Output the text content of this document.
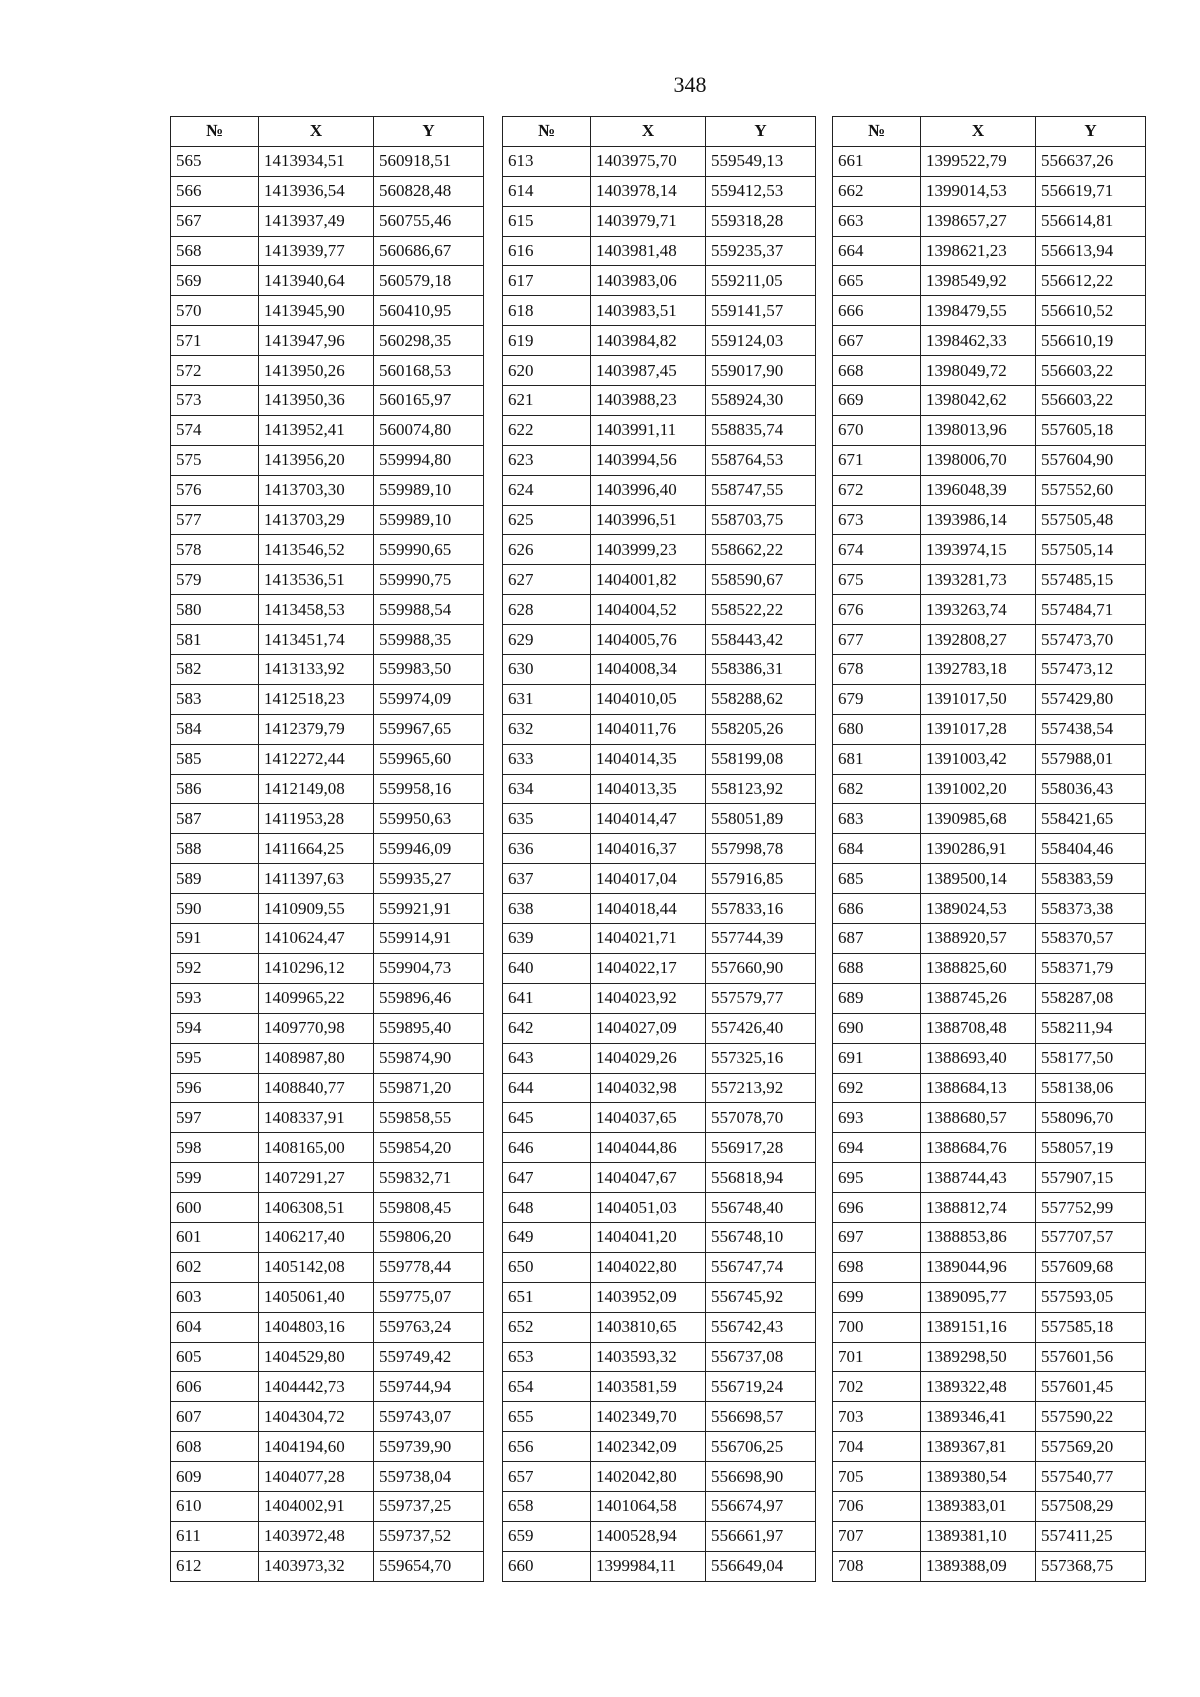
348
№	X	Y
565	1413934,51	560918,51
566	1413936,54	560828,48
567	1413937,49	560755,46
568	1413939,77	560686,67
569	1413940,64	560579,18
570	1413945,90	560410,95
571	1413947,96	560298,35
572	1413950,26	560168,53
573	1413950,36	560165,97
574	1413952,41	560074,80
575	1413956,20	559994,80
576	1413703,30	559989,10
577	1413703,29	559989,10
578	1413546,52	559990,65
579	1413536,51	559990,75
580	1413458,53	559988,54
581	1413451,74	559988,35
582	1413133,92	559983,50
583	1412518,23	559974,09
584	1412379,79	559967,65
585	1412272,44	559965,60
586	1412149,08	559958,16
587	1411953,28	559950,63
588	1411664,25	559946,09
589	1411397,63	559935,27
590	1410909,55	559921,91
591	1410624,47	559914,91
592	1410296,12	559904,73
593	1409965,22	559896,46
594	1409770,98	559895,40
595	1408987,80	559874,90
596	1408840,77	559871,20
597	1408337,91	559858,55
598	1408165,00	559854,20
599	1407291,27	559832,71
600	1406308,51	559808,45
601	1406217,40	559806,20
602	1405142,08	559778,44
603	1405061,40	559775,07
604	1404803,16	559763,24
605	1404529,80	559749,42
606	1404442,73	559744,94
607	1404304,72	559743,07
608	1404194,60	559739,90
609	1404077,28	559738,04
610	1404002,91	559737,25
611	1403972,48	559737,52
612	1403973,32	559654,70
№	X	Y
613	1403975,70	559549,13
614	1403978,14	559412,53
615	1403979,71	559318,28
616	1403981,48	559235,37
617	1403983,06	559211,05
618	1403983,51	559141,57
619	1403984,82	559124,03
620	1403987,45	559017,90
621	1403988,23	558924,30
622	1403991,11	558835,74
623	1403994,56	558764,53
624	1403996,40	558747,55
625	1403996,51	558703,75
626	1403999,23	558662,22
627	1404001,82	558590,67
628	1404004,52	558522,22
629	1404005,76	558443,42
630	1404008,34	558386,31
631	1404010,05	558288,62
632	1404011,76	558205,26
633	1404014,35	558199,08
634	1404013,35	558123,92
635	1404014,47	558051,89
636	1404016,37	557998,78
637	1404017,04	557916,85
638	1404018,44	557833,16
639	1404021,71	557744,39
640	1404022,17	557660,90
641	1404023,92	557579,77
642	1404027,09	557426,40
643	1404029,26	557325,16
644	1404032,98	557213,92
645	1404037,65	557078,70
646	1404044,86	556917,28
647	1404047,67	556818,94
648	1404051,03	556748,40
649	1404041,20	556748,10
650	1404022,80	556747,74
651	1403952,09	556745,92
652	1403810,65	556742,43
653	1403593,32	556737,08
654	1403581,59	556719,24
655	1402349,70	556698,57
656	1402342,09	556706,25
657	1402042,80	556698,90
658	1401064,58	556674,97
659	1400528,94	556661,97
660	1399984,11	556649,04
№	X	Y
661	1399522,79	556637,26
662	1399014,53	556619,71
663	1398657,27	556614,81
664	1398621,23	556613,94
665	1398549,92	556612,22
666	1398479,55	556610,52
667	1398462,33	556610,19
668	1398049,72	556603,22
669	1398042,62	556603,22
670	1398013,96	557605,18
671	1398006,70	557604,90
672	1396048,39	557552,60
673	1393986,14	557505,48
674	1393974,15	557505,14
675	1393281,73	557485,15
676	1393263,74	557484,71
677	1392808,27	557473,70
678	1392783,18	557473,12
679	1391017,50	557429,80
680	1391017,28	557438,54
681	1391003,42	557988,01
682	1391002,20	558036,43
683	1390985,68	558421,65
684	1390286,91	558404,46
685	1389500,14	558383,59
686	1389024,53	558373,38
687	1388920,57	558370,57
688	1388825,60	558371,79
689	1388745,26	558287,08
690	1388708,48	558211,94
691	1388693,40	558177,50
692	1388684,13	558138,06
693	1388680,57	558096,70
694	1388684,76	558057,19
695	1388744,43	557907,15
696	1388812,74	557752,99
697	1388853,86	557707,57
698	1389044,96	557609,68
699	1389095,77	557593,05
700	1389151,16	557585,18
701	1389298,50	557601,56
702	1389322,48	557601,45
703	1389346,41	557590,22
704	1389367,81	557569,20
705	1389380,54	557540,77
706	1389383,01	557508,29
707	1389381,10	557411,25
708	1389388,09	557368,75
